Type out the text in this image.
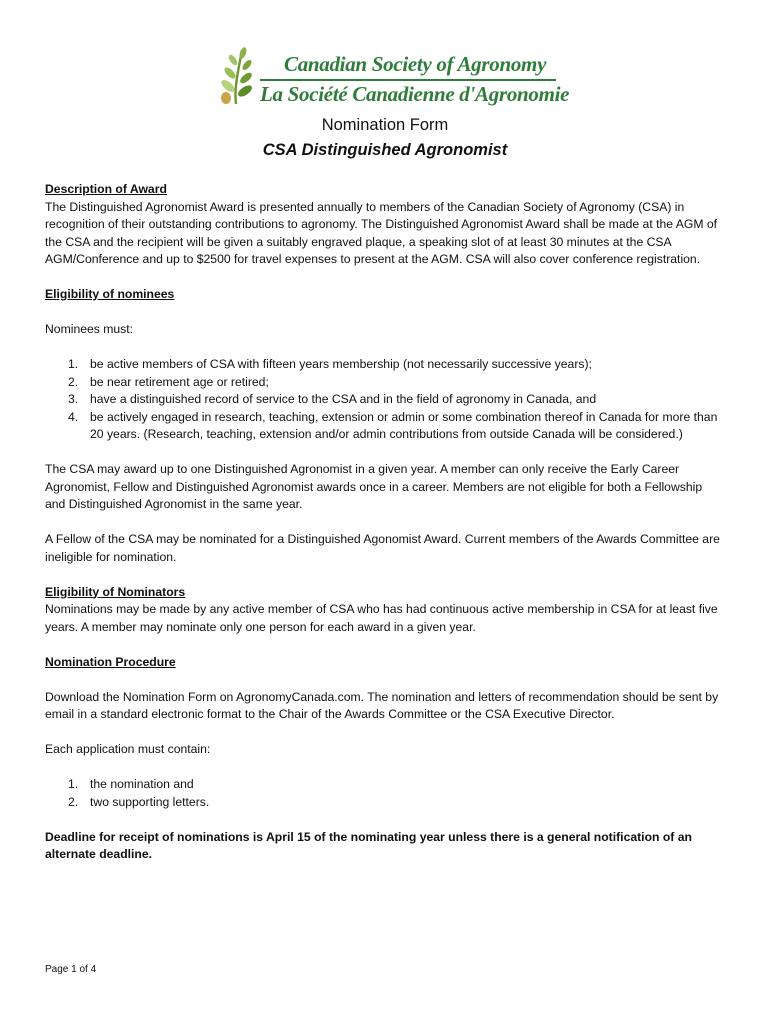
Canadian Society of Agronomy
La Société Canadienne d'Agronomie
Nomination Form
CSA Distinguished Agronomist

Description of Award

The Distinguished Agronomist Award is presented annually to members of the Canadian Society of Agronomy (CSA) in recognition of their outstanding contributions to agronomy. The Distinguished Agronomist Award shall be made at the AGM of the CSA and the recipient will be given a suitably engraved plaque, a speaking slot of at least 30 minutes at the CSA AGM/Conference and up to $2500 for travel expenses to present at the AGM. CSA will also cover conference registration.

Eligibility of nominees

Nominees must:

1. be active members of CSA with fifteen years membership (not necessarily successive years);
2. be near retirement age or retired;
3. have a distinguished record of service to the CSA and in the field of agronomy in Canada, and
4. be actively engaged in research, teaching, extension or admin or some combination thereof in Canada for more than 20 years. (Research, teaching, extension and/or admin contributions from outside Canada will be considered.)

The CSA may award up to one Distinguished Agronomist in a given year. A member can only receive the Early Career Agronomist, Fellow and Distinguished Agronomist awards once in a career. Members are not eligible for both a Fellowship and Distinguished Agronomist in the same year.

A Fellow of the CSA may be nominated for a Distinguished Agonomist Award. Current members of the Awards Committee are ineligible for nomination.

Eligibility of Nominators

Nominations may be made by any active member of CSA who has had continuous active membership in CSA for at least five years. A member may nominate only one person for each award in a given year.

Nomination Procedure

Download the Nomination Form on AgronomyCanada.com. The nomination and letters of recommendation should be sent by email in a standard electronic format to the Chair of the Awards Committee or the CSA Executive Director.

Each application must contain:

1. the nomination and
2. two supporting letters.

Deadline for receipt of nominations is April 15 of the nominating year unless there is a general notification of an alternate deadline.

Page 1 of 4
